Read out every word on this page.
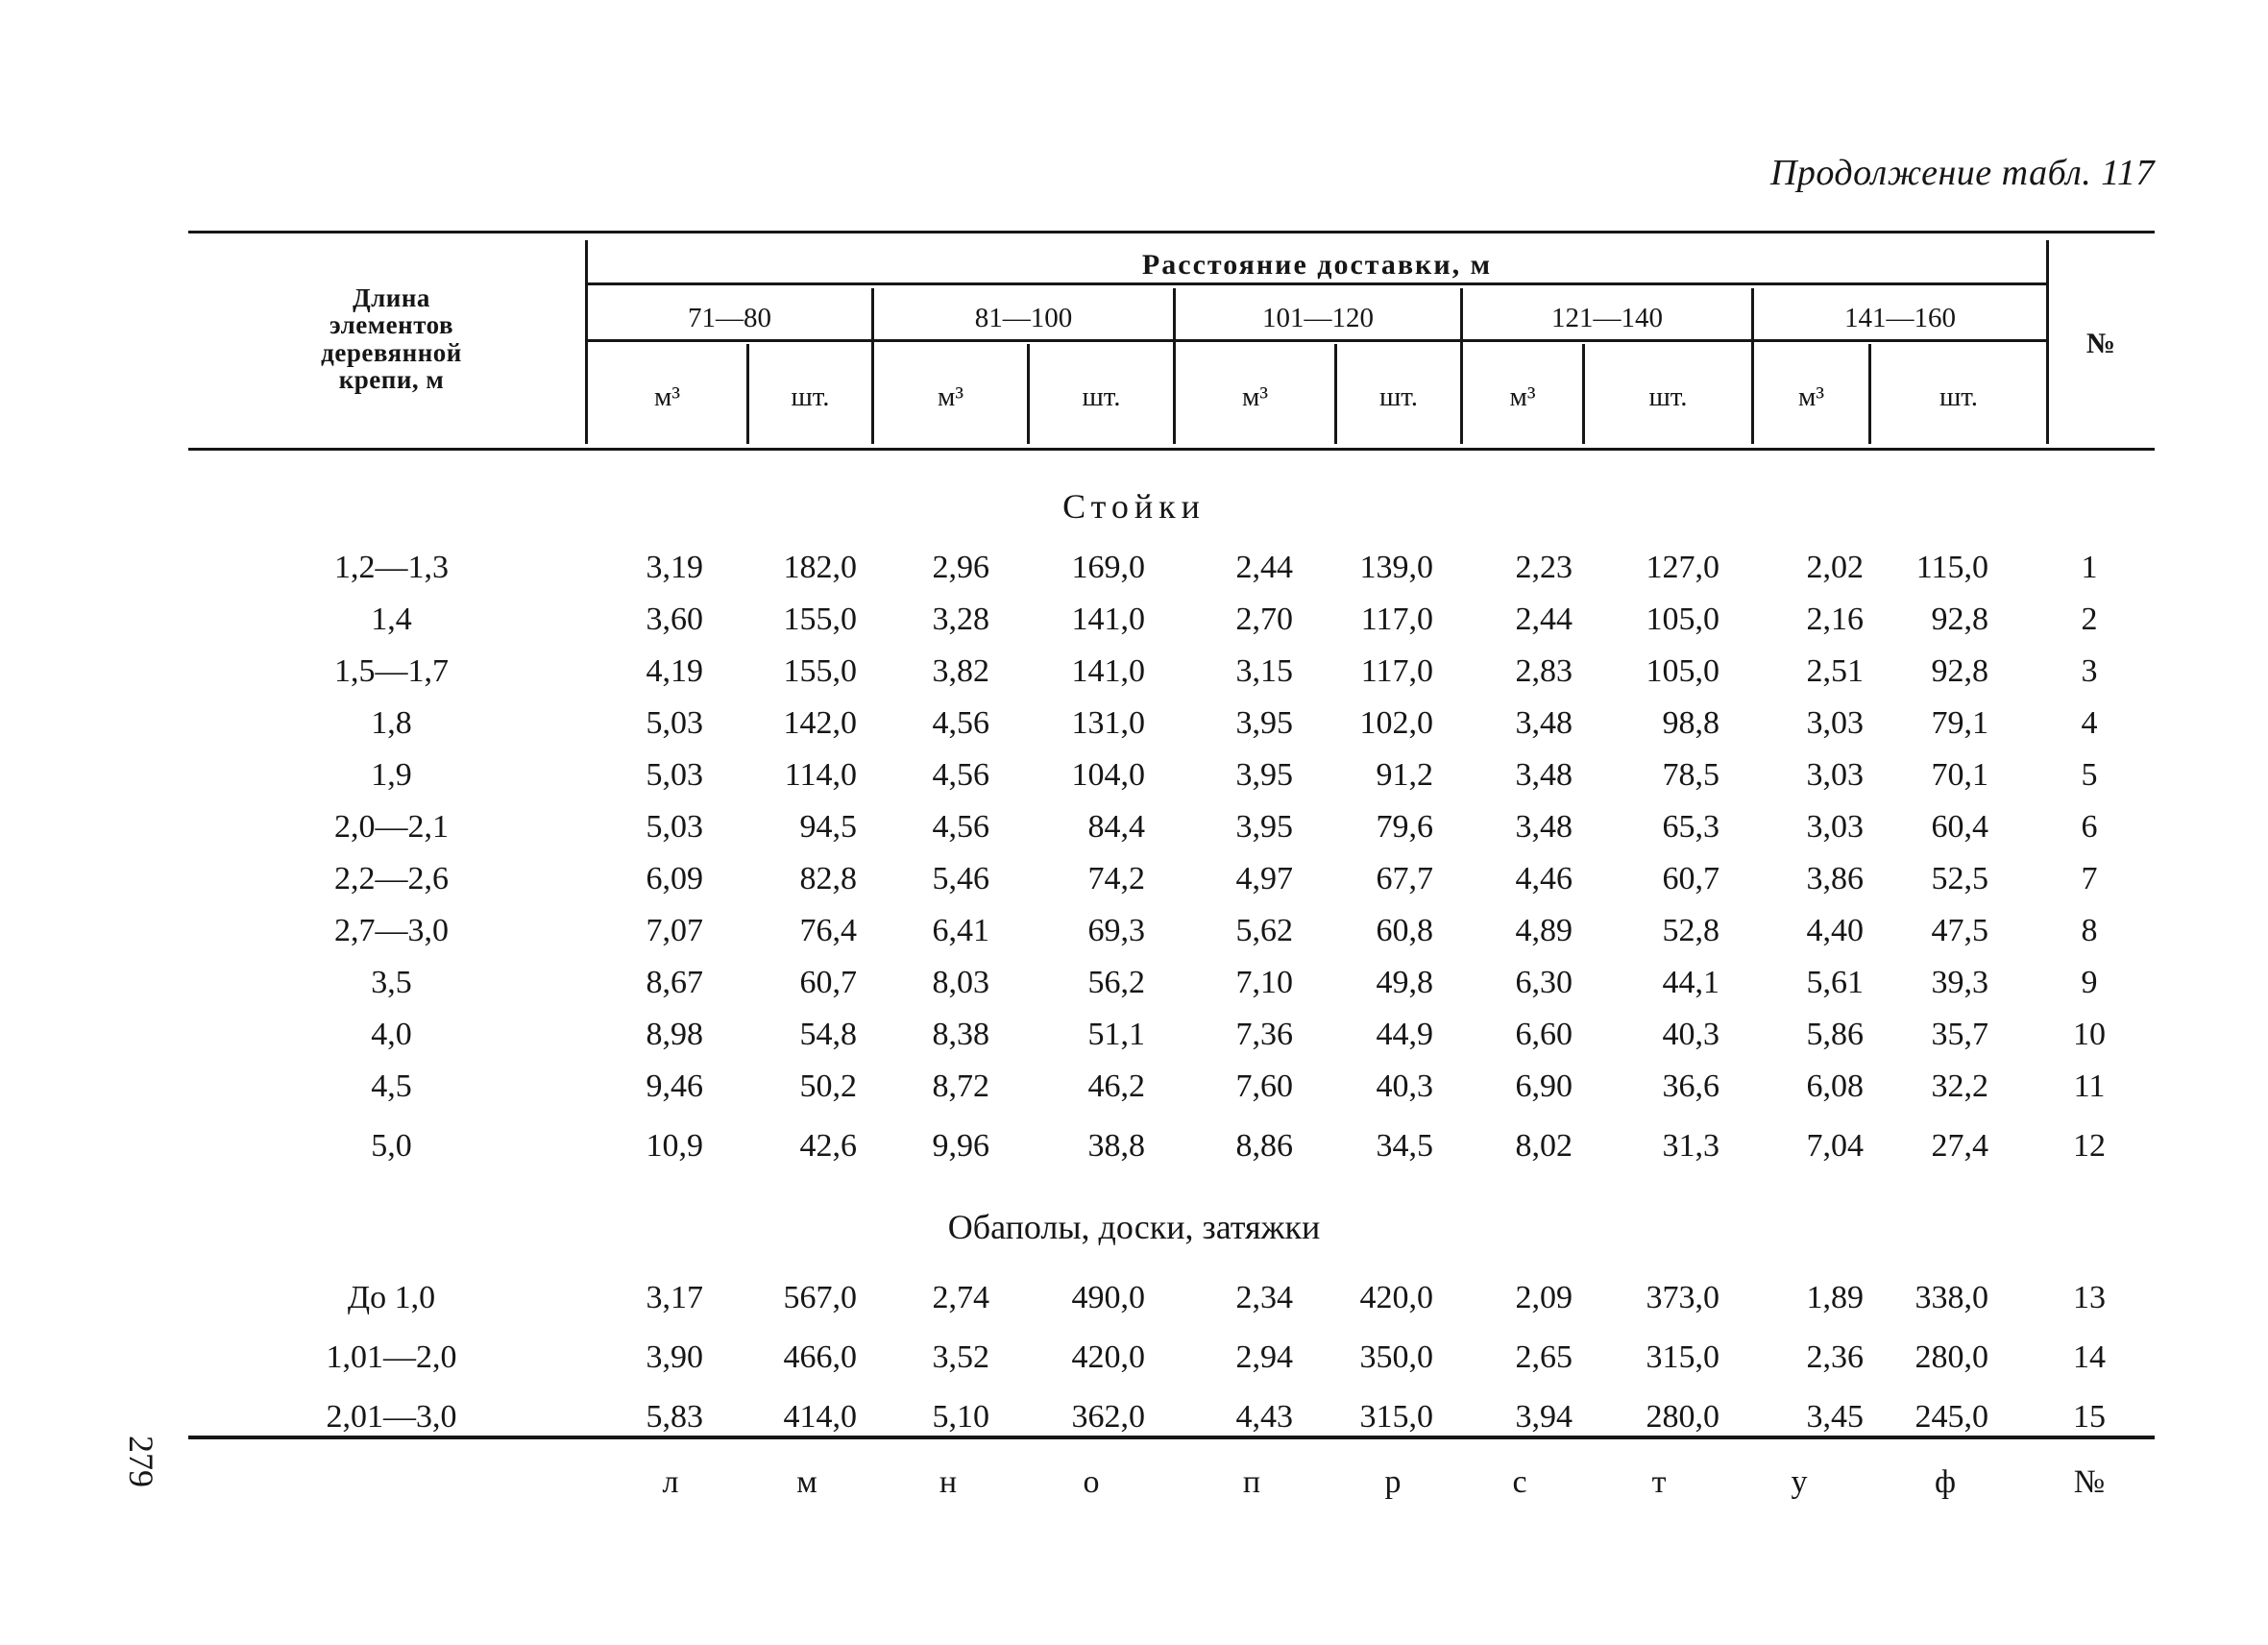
Продолжение табл. 117
Длина элементов деревянной крепи, м
Расстояние доставки, м
71—80	81—100	101—120	121—140	141—160
м³	шт.	м³	шт.	м³	шт.	м³	шт.	м³	шт.
№
Стойки
1,2—1,3	3,19	182,0	2,96	169,0	2,44	139,0	2,23	127,0	2,02	115,0	1
1,4	3,60	155,0	3,28	141,0	2,70	117,0	2,44	105,0	2,16	92,8	2
1,5—1,7	4,19	155,0	3,82	141,0	3,15	117,0	2,83	105,0	2,51	92,8	3
1,8	5,03	142,0	4,56	131,0	3,95	102,0	3,48	98,8	3,03	79,1	4
1,9	5,03	114,0	4,56	104,0	3,95	91,2	3,48	78,5	3,03	70,1	5
2,0—2,1	5,03	94,5	4,56	84,4	3,95	79,6	3,48	65,3	3,03	60,4	6
2,2—2,6	6,09	82,8	5,46	74,2	4,97	67,7	4,46	60,7	3,86	52,5	7
2,7—3,0	7,07	76,4	6,41	69,3	5,62	60,8	4,89	52,8	4,40	47,5	8
3,5	8,67	60,7	8,03	56,2	7,10	49,8	6,30	44,1	5,61	39,3	9
4,0	8,98	54,8	8,38	51,1	7,36	44,9	6,60	40,3	5,86	35,7	10
4,5	9,46	50,2	8,72	46,2	7,60	40,3	6,90	36,6	6,08	32,2	11
5,0	10,9	42,6	9,96	38,8	8,86	34,5	8,02	31,3	7,04	27,4	12
Обаполы, доски, затяжки
До 1,0	3,17	567,0	2,74	490,0	2,34	420,0	2,09	373,0	1,89	338,0	13
1,01—2,0	3,90	466,0	3,52	420,0	2,94	350,0	2,65	315,0	2,36	280,0	14
2,01—3,0	5,83	414,0	5,10	362,0	4,43	315,0	3,94	280,0	3,45	245,0	15
л	м	н	о	п	р	с	т	у	ф	№
279
